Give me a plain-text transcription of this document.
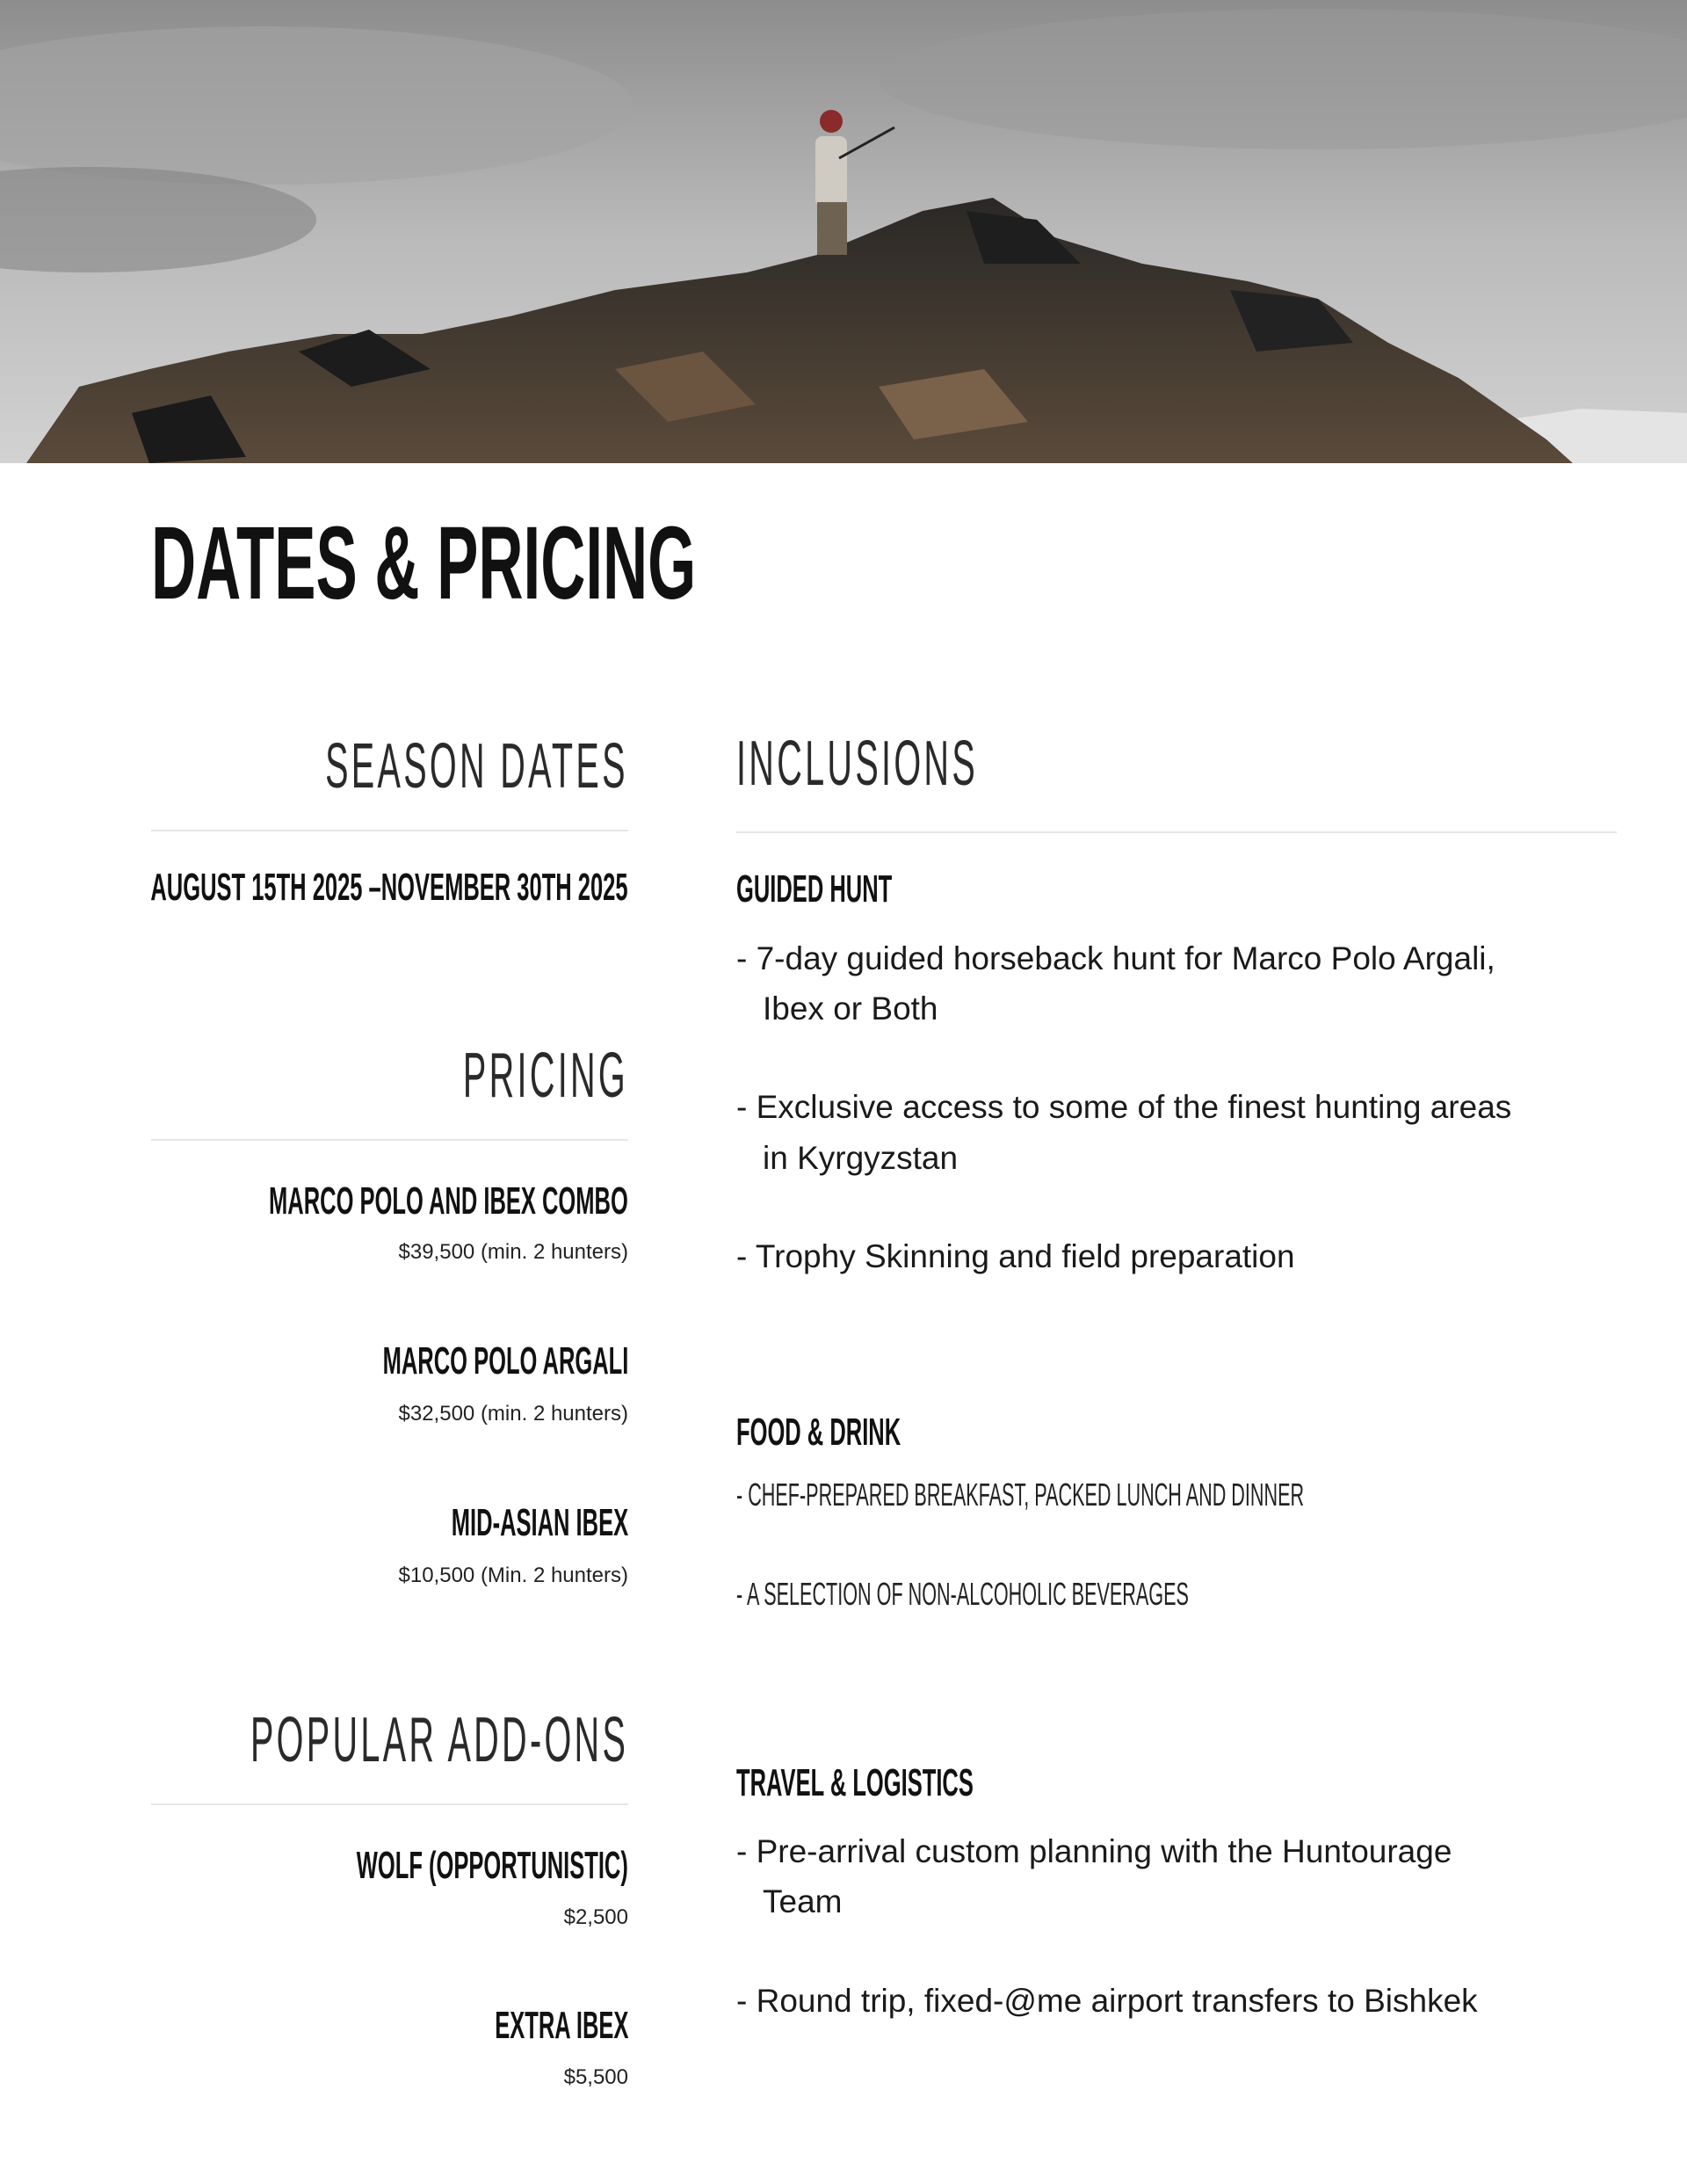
DATES & PRICING
SEASON DATES
AUGUST 15TH 2025 –NOVEMBER 30TH 2025
PRICING
MARCO POLO AND IBEX COMBO
$39,500 (min. 2 hunters)
MARCO POLO ARGALI
$32,500 (min. 2 hunters)
MID-ASIAN IBEX
$10,500 (Min. 2 hunters)
POPULAR ADD-ONS
WOLF (OPPORTUNISTIC)
$2,500
EXTRA IBEX
$5,500
INCLUSIONS
GUIDED HUNT
- 7-day guided horseback hunt for Marco Polo Argali,
Ibex or Both
- Exclusive access to some of the finest hunting areas
in Kyrgyzstan
- Trophy Skinning and field preparation
FOOD & DRINK
- CHEF-PREPARED BREAKFAST, PACKED LUNCH AND DINNER
- A SELECTION OF NON-ALCOHOLIC BEVERAGES
TRAVEL & LOGISTICS
- Pre-arrival custom planning with the Huntourage
Team
- Round trip, fixed-@me airport transfers to Bishkek
